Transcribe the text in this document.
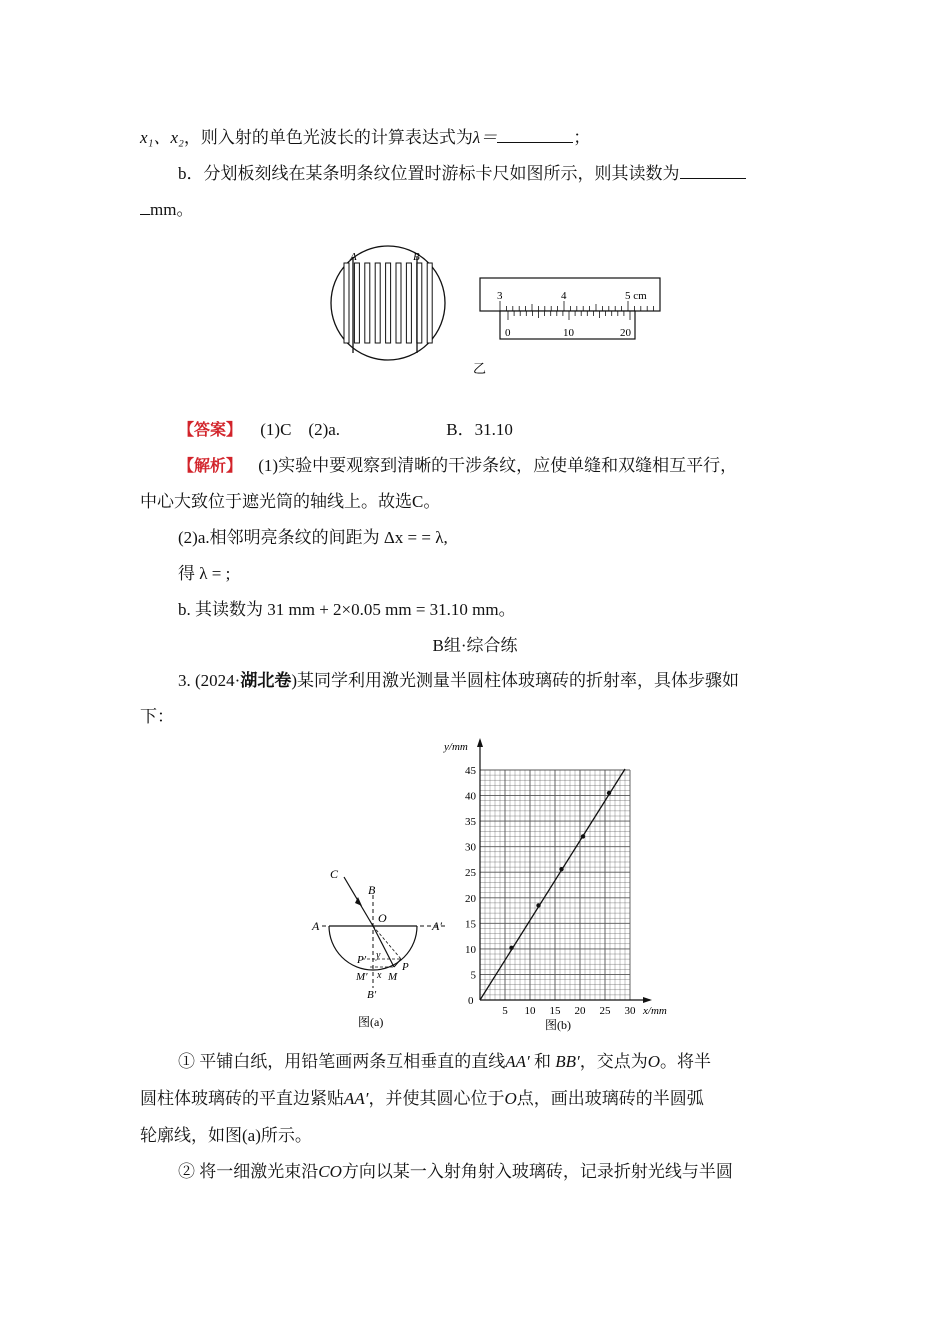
x₁、x₂，则入射的单色光波长的计算表达式为λ＝	；
b．分划板刻线在某条明条纹位置时游标卡尺如图所示，则其读数为
mm。
A	B
3	4	5 cm
0	10	20
乙
【答案】 (1)C　(2)a.	B．31.10
【解析】 (1)实验中要观察到清晰的干涉条纹，应使单缝和双缝相互平行，
中心大致位于遮光筒的轴线上。故选C。
(2)a.相邻明亮条纹的间距为 Δx = = λ,
得 λ = ;
b. 其读数为 31 mm + 2×0.05 mm = 31.10 mm。
B组·综合练
3. (2024·湖北卷)某同学利用激光测量半圆柱体玻璃砖的折射率，具体步骤如
下：
C
B
O
A	A′
P′ y
P
M′ x M
B′
图(a)
5
10
15
20
25
30
35
40
45
5 10 15 20 25 30
y/mm
x/mm
0
图(b)
① 平铺白纸，用铅笔画两条互相垂直的直线AA′ 和 BB′，交点为O。将半
圆柱体玻璃砖的平直边紧贴AA′，并使其圆心位于O点，画出玻璃砖的半圆弧
轮廓线，如图(a)所示。
② 将一细激光束沿CO方向以某一入射角射入玻璃砖，记录折射光线与半圆
